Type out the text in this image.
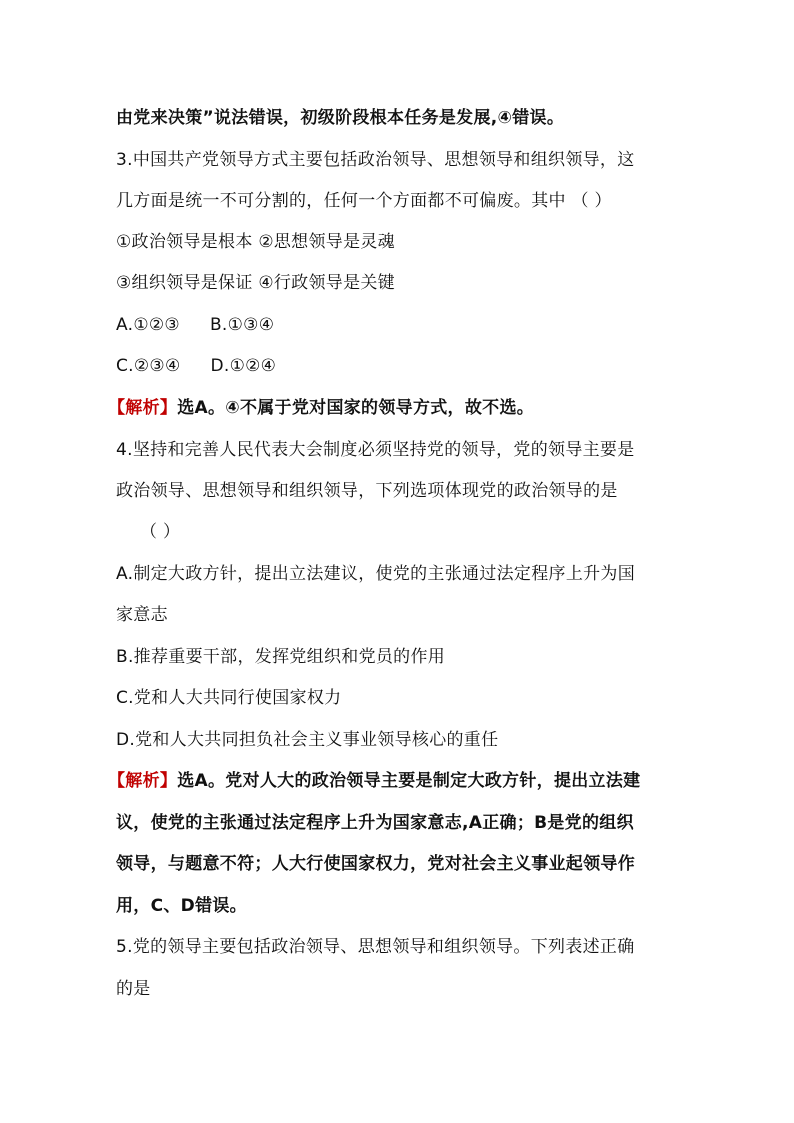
由党来决策”说法错误，初级阶段根本任务是发展,④错误。
3.中国共产党领导方式主要包括政治领导、思想领导和组织领导，这
几方面是统一不可分割的，任何一个方面都不可偏废。其中 （ ）
①政治领导是根本 ②思想领导是灵魂
③组织领导是保证 ④行政领导是关键
A.①②③ B.①③④
C.②③④ D.①②④
【解析】选A。④不属于党对国家的领导方式，故不选。
4.坚持和完善人民代表大会制度必须坚持党的领导，党的领导主要是
政治领导、思想领导和组织领导，下列选项体现党的政治领导的是
（ ）
A.制定大政方针，提出立法建议，使党的主张通过法定程序上升为国
家意志
B.推荐重要干部，发挥党组织和党员的作用
C.党和人大共同行使国家权力
D.党和人大共同担负社会主义事业领导核心的重任
【解析】选A。党对人大的政治领导主要是制定大政方针，提出立法建
议，使党的主张通过法定程序上升为国家意志,A正确；B是党的组织
领导，与题意不符；人大行使国家权力，党对社会主义事业起领导作
用，C、D错误。
5.党的领导主要包括政治领导、思想领导和组织领导。下列表述正确
的是
